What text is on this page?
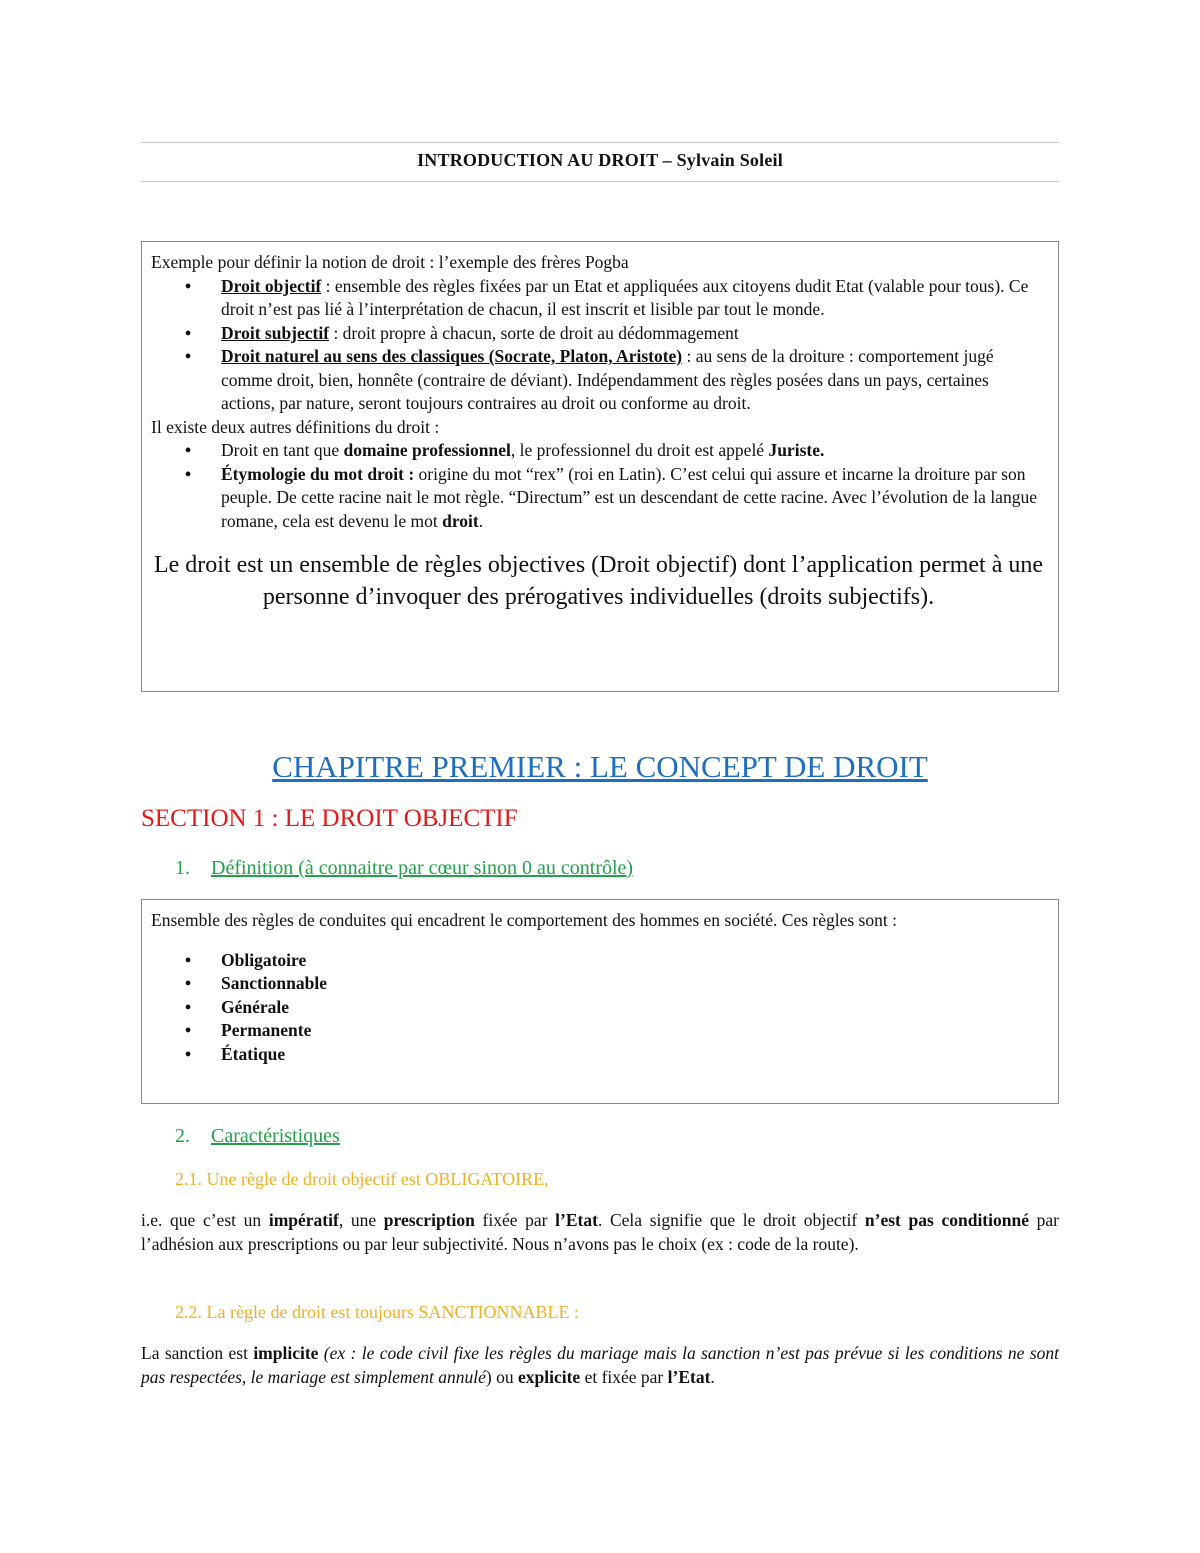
INTRODUCTION AU DROIT – Sylvain Soleil
Exemple pour définir la notion de droit : l’exemple des frères Pogba
• Droit objectif : ensemble des règles fixées par un Etat et appliquées aux citoyens dudit Etat (valable pour tous). Ce droit n’est pas lié à l’interprétation de chacun, il est inscrit et lisible par tout le monde.
• Droit subjectif : droit propre à chacun, sorte de droit au dédommagement
• Droit naturel au sens des classiques (Socrate, Platon, Aristote) : au sens de la droiture : comportement jugé comme droit, bien, honnête (contraire de déviant). Indépendamment des règles posées dans un pays, certaines actions, par nature, seront toujours contraires au droit ou conforme au droit.
Il existe deux autres définitions du droit :
• Droit en tant que domaine professionnel, le professionnel du droit est appelé Juriste.
• Étymologie du mot droit : origine du mot “rex” (roi en Latin). C’est celui qui assure et incarne la droiture par son peuple. De cette racine nait le mot règle. “Directum” est un descendant de cette racine. Avec l’évolution de la langue romane, cela est devenu le mot droit.
Le droit est un ensemble de règles objectives (Droit objectif) dont l’application permet à une personne d’invoquer des prérogatives individuelles (droits subjectifs).
CHAPITRE PREMIER : LE CONCEPT DE DROIT
SECTION 1 : LE DROIT OBJECTIF
1. Définition (à connaitre par cœur sinon 0 au contrôle)
Ensemble des règles de conduites qui encadrent le comportement des hommes en société. Ces règles sont :
• Obligatoire
• Sanctionnable
• Générale
• Permanente
• Étatique
2. Caractéristiques
2.1. Une règle de droit objectif est OBLIGATOIRE,
i.e. que c’est un impératif, une prescription fixée par l’Etat. Cela signifie que le droit objectif n’est pas conditionné par l’adhésion aux prescriptions ou par leur subjectivité. Nous n’avons pas le choix (ex : code de la route).
2.2. La règle de droit est toujours SANCTIONNABLE :
La sanction est implicite (ex : le code civil fixe les règles du mariage mais la sanction n’est pas prévue si les conditions ne sont pas respectées, le mariage est simplement annulé) ou explicite et fixée par l’Etat.
